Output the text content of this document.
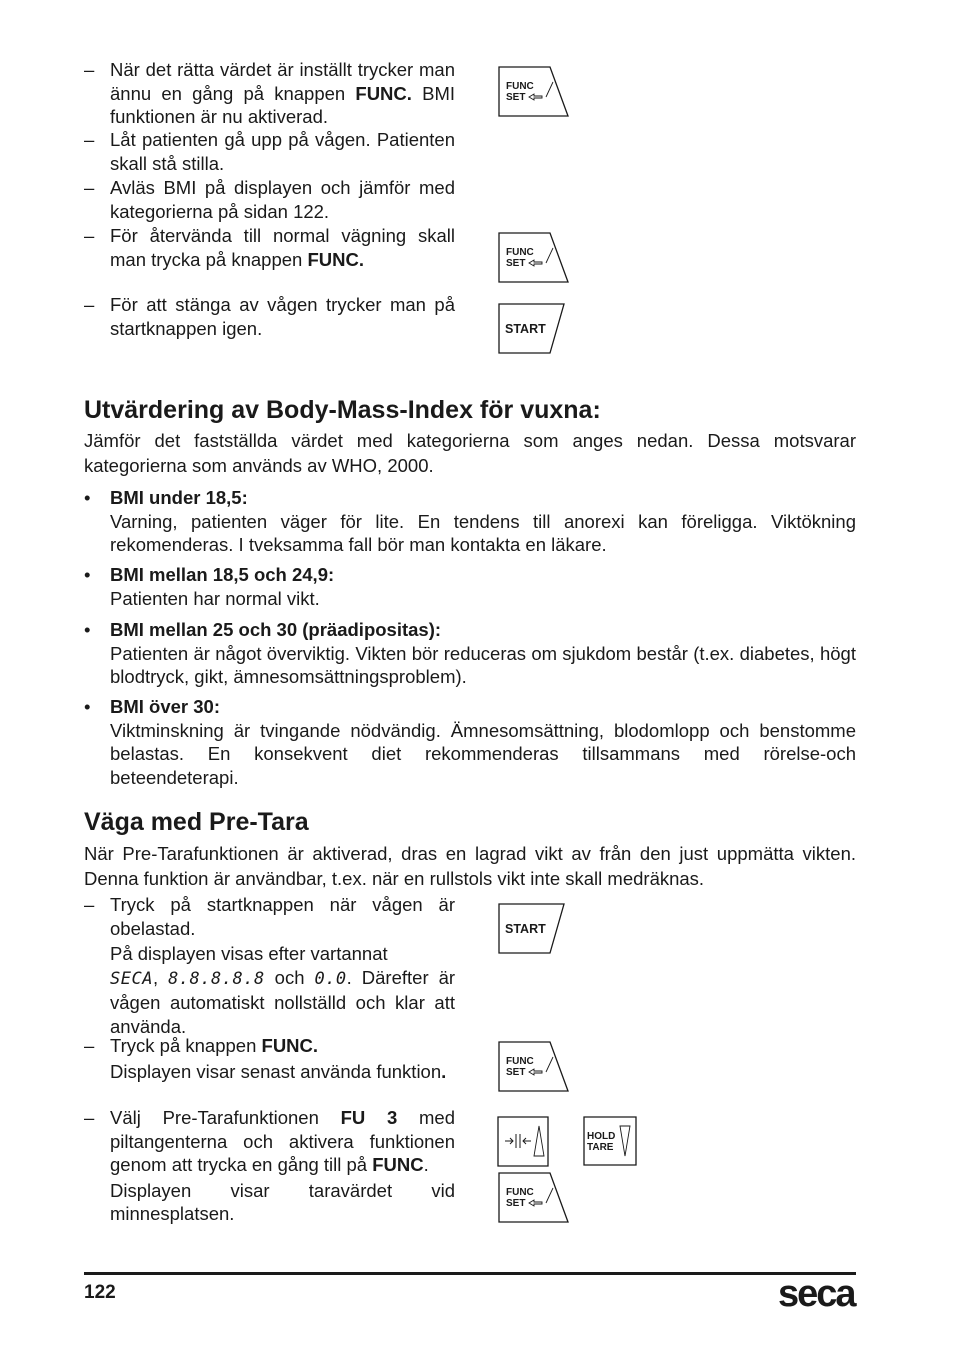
– När det rätta värdet är inställt trycker man ännu en gång på knappen FUNC. BMI funktionen är nu aktiverad.
– Låt patienten gå upp på vågen. Patienten skall stå stilla.
– Avläs BMI på displayen och jämför med kategorierna på sidan 122.
– För återvända till normal vägning skall man trycka på knappen FUNC.
– För att stänga av vågen trycker man på startknappen igen.
FUNC
SET
FUNC
SET
START
Utvärdering av Body-Mass-Index för vuxna:
Jämför det fastställda värdet med kategorierna som anges nedan. Dessa motsvarar kategorierna som används av WHO, 2000.
• BMI under 18,5:
Varning, patienten väger för lite. En tendens till anorexi kan föreligga. Viktökning rekomenderas. I tveksamma fall bör man kontakta en läkare.
• BMI mellan 18,5 och 24,9:
Patienten har normal vikt.
• BMI mellan 25 och 30 (präadipositas):
Patienten är något överviktig. Vikten bör reduceras om sjukdom består (t.ex. diabetes, högt blodtryck, gikt, ämnesomsättningsproblem).
• BMI över 30:
Viktminskning är tvingande nödvändig. Ämnesomsättning, blodomlopp och benstomme belastas. En konsekvent diet rekommenderas tillsammans med rörelse-och beteendeterapi.
Väga med Pre-Tara
När Pre-Tarafunktionen är aktiverad, dras en lagrad vikt av från den just uppmätta vikten. Denna funktion är användbar, t.ex. när en rullstols vikt inte skall medräknas.
– Tryck på startknappen när vågen är obelastad.

På displayen visas efter vartannat
SECA, 8.8.8.8.8 och 0.0. Därefter är vågen automatiskt nollställd och klar att använda.

– Tryck på knappen FUNC.

Displayen visar senast använda funktion.

– Välj Pre-Tarafunktionen FU 3 med piltangenterna och aktivera funktionen genom att trycka en gång till på FUNC.

Displayen visar taravärdet vid minnesplatsen.

START
FUNC
SET
HOLD
TARE
FUNC
SET
122	seca
